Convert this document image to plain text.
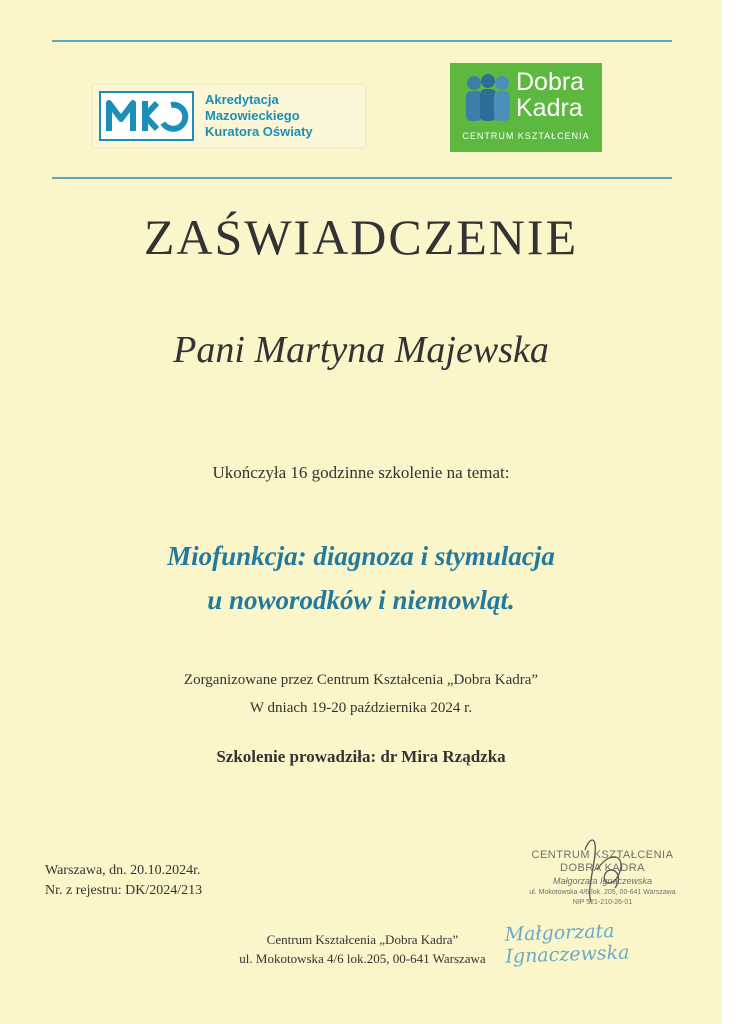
Akredytacja
Mazowieckiego
Kuratora Oświaty
Dobra
Kadra
CENTRUM KSZTAŁCENIA
ZAŚWIADCZENIE
Pani Martyna Majewska
Ukończyła 16 godzinne szkolenie na temat:
Miofunkcja: diagnoza i stymulacja
u noworodków i niemowląt.
Zorganizowane przez Centrum Kształcenia „Dobra Kadra”
W dniach 19-20 października 2024 r.
Szkolenie prowadziła: dr Mira Rządzka
Warszawa, dn. 20.10.2024r.
Nr. z rejestru: DK/2024/213
Centrum Kształcenia „Dobra Kadra”
ul. Mokotowska 4/6 lok.205, 00-641 Warszawa
CENTRUM KSZTAŁCENIA
DOBRA KADRA
Małgorzata Ignaczewska
ul. Mokotowska 4/6 lok. 205, 00-641 Warszawa
NIP 521-210-26-01
Małgorzata Ignaczewska
